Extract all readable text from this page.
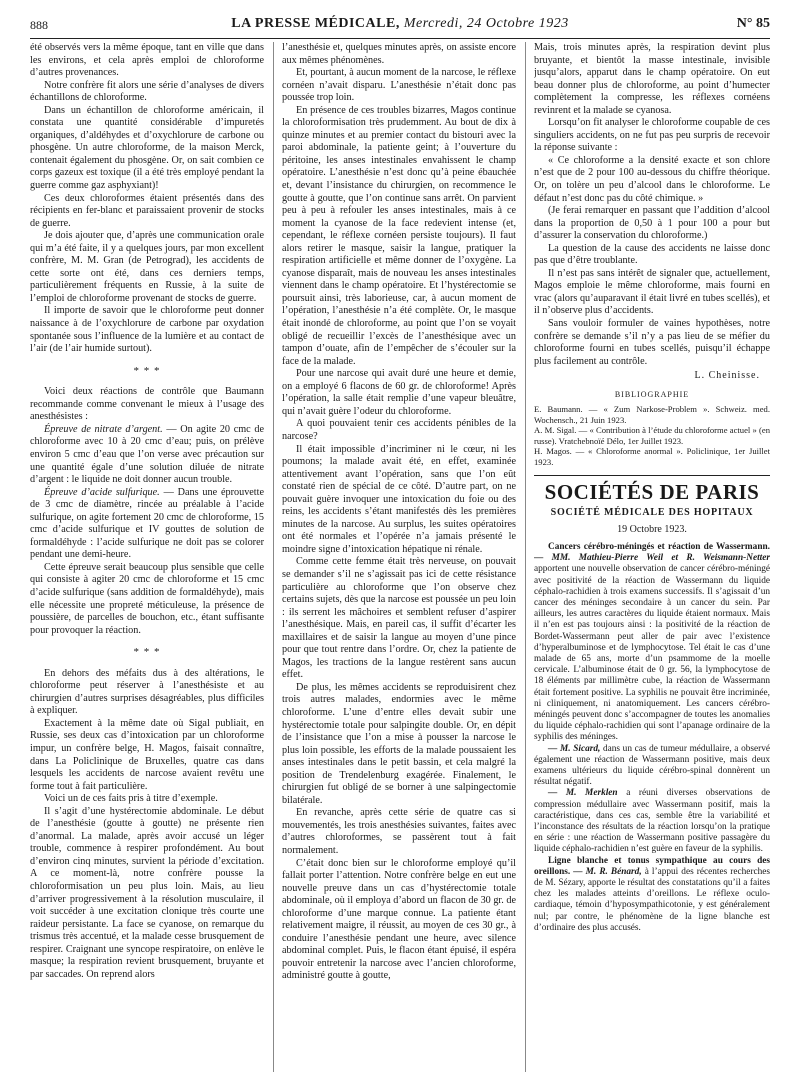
888	LA PRESSE MÉDICALE, Mercredi, 24 Octobre 1923	N° 85

été observés vers la même époque, tant en ville que dans les environs, et cela après emploi de chloroforme d’autres provenances.

Notre confrère fit alors une série d’analyses de divers échantillons de chloroforme.

Dans un échantillon de chloroforme américain, il constata une quantité considérable d’impuretés organiques, d’aldéhydes et d’oxychlorure de carbone ou phosgène. Un autre chloroforme, de la maison Merck, contenait également du phosgène. Or, on sait combien ce corps gazeux est toxique (il a été très employé pendant la guerre comme gaz asphyxiant)!

Ces deux chloroformes étaient présentés dans des récipients en fer-blanc et paraissaient provenir de stocks de guerre.

Je dois ajouter que, d’après une communication orale qui m’a été faite, il y a quelques jours, par mon excellent confrère, M. M. Gran (de Petrograd), les accidents de cette sorte ont été, dans ces derniers temps, particulièrement fréquents en Russie, à la suite de l’emploi de chloroforme provenant de stocks de guerre.

Il importe de savoir que le chloroforme peut donner naissance à de l’oxychlorure de carbone par oxydation spontanée sous l’influence de la lumière et au contact de l’air (de l’air humide surtout).

* * *

Voici deux réactions de contrôle que Baumann recommande comme convenant le mieux à l’usage des anesthésistes :

Épreuve de nitrate d’argent. — On agite 20 cmc de chloroforme avec 10 à 20 cmc d’eau; puis, on prélève environ 5 cmc d’eau que l’on verse avec précaution sur une quantité égale d’une solution diluée de nitrate d’argent : le liquide ne doit donner aucun trouble.

Épreuve d’acide sulfurique. — Dans une éprouvette de 3 cmc de diamètre, rincée au préalable à l’acide sulfurique, on agite fortement 20 cmc de chloroforme, 15 cmc d’acide sulfurique et IV gouttes de solution de formaldéhyde : l’acide sulfurique ne doit pas se colorer pendant une demi-heure.

Cette épreuve serait beaucoup plus sensible que celle qui consiste à agiter 20 cmc de chloroforme et 15 cmc d’acide sulfurique (sans addition de formaldéhyde), mais elle nécessite une propreté méticuleuse, la présence de poussière, de parcelles de bouchon, etc., étant suffisante pour provoquer la réaction.

* * *

En dehors des méfaits dus à des altérations, le chloroforme peut réserver à l’anesthésiste et au chirurgien d’autres surprises désagréables, plus difficiles à expliquer.

Exactement à la même date où Sigal publiait, en Russie, ses deux cas d’intoxication par un chloroforme impur, un confrère belge, H. Magos, faisait connaître, dans La Policlinique de Bruxelles, quatre cas dans lesquels les accidents de narcose avaient revêtu une forme tout à fait particulière.

Voici un de ces faits pris à titre d’exemple.

Il s’agit d’une hystérectomie abdominale. Le début de l’anesthésie (goutte à goutte) ne présente rien d’anormal. La malade, après avoir accusé un léger trouble, commence à respirer profondément. Au bout d’environ cinq minutes, survient la période d’excitation. A ce moment-là, notre confrère pousse la chloroformisation un peu plus loin. Mais, au lieu d’arriver progressivement à la résolution musculaire, il voit succéder à une excitation clonique très courte une raideur persistante. La face se cyanose, on remarque du trismus très accentué, et la malade cesse brusquement de respirer. Craignant une syncope respiratoire, on enlève le masque; la respiration revient brusquement, bruyante et par saccades. On reprend alors

l’anesthésie et, quelques minutes après, on assiste encore aux mêmes phénomènes.

Et, pourtant, à aucun moment de la narcose, le réflexe cornéen n’avait disparu. L’anesthésie n’était donc pas poussée trop loin.

En présence de ces troubles bizarres, Magos continue la chloroformisation très prudemment. Au bout de dix à quinze minutes et au premier contact du bistouri avec la paroi abdominale, la patiente geint; à l’ouverture du péritoine, les anses intestinales envahissent le champ opératoire. L’anesthésie n’est donc qu’à peine ébauchée et, devant l’insistance du chirurgien, on recommence le goutte à goutte, que l’on continue sans arrêt. On parvient peu à peu à refouler les anses intestinales, mais à ce moment la cyanose de la face redevient intense (et, cependant, le réflexe cornéen persiste toujours). Il faut alors retirer le masque, saisir la langue, pratiquer la respiration artificielle et même donner de l’oxygène. La cyanose disparaît, mais de nouveau les anses intestinales viennent dans le champ opératoire. Et l’hystérectomie se poursuit ainsi, très laborieuse, car, à aucun moment de l’opération, l’anesthésie n’a été complète. Or, le masque était inondé de chloroforme, au point que l’on se voyait obligé de recueillir l’excès de l’anesthésique avec un tampon d’ouate, afin de l’empêcher de s’écouler sur la face de la malade.

Pour une narcose qui avait duré une heure et demie, on a employé 6 flacons de 60 gr. de chloroforme! Après l’opération, la salle était remplie d’une vapeur bleuâtre, qui n’avait guère l’odeur du chloroforme.

A quoi pouvaient tenir ces accidents pénibles de la narcose?

Il était impossible d’incriminer ni le cœur, ni les poumons; la malade avait été, en effet, examinée attentivement avant l’opération, sans que l’on eût constaté rien de spécial de ce côté. D’autre part, on ne pouvait guère invoquer une intoxication du foie ou des reins, les accidents s’étant manifestés dès les premières minutes de la narcose. Au surplus, les suites opératoires ont été normales et l’opérée n’a jamais présenté le moindre signe d’intoxication hépatique ni rénale.

Comme cette femme était très nerveuse, on pouvait se demander s’il ne s’agissait pas ici de cette résistance particulière au chloroforme que l’on observe chez certains sujets, dès que la narcose est poussée un peu loin : ils serrent les mâchoires et semblent refuser d’aspirer l’anesthésique. Mais, en pareil cas, il suffit d’écarter les maxillaires et de saisir la langue au moyen d’une pince pour que tout rentre dans l’ordre. Or, chez la patiente de Magos, les tractions de la langue restèrent sans aucun effet.

De plus, les mêmes accidents se reproduisirent chez trois autres malades, endormies avec le même chloroforme. L’une d’entre elles devait subir une hystérectomie totale pour salpingite double. Or, en dépit de l’insistance que l’on a mise à pousser la narcose le plus loin possible, les efforts de la malade poussaient les anses intestinales dans le petit bassin, et cela malgré la position de Trendelenburg exagérée. Finalement, le chirurgien fut obligé de se borner à une salpingectomie bilatérale.

En revanche, après cette série de quatre cas si mouvementés, les trois anesthésies suivantes, faites avec d’autres chloroformes, se passèrent tout à fait normalement.

C’était donc bien sur le chloroforme employé qu’il fallait porter l’attention. Notre confrère belge en eut une nouvelle preuve dans un cas d’hystérectomie totale abdominale, où il employa d’abord un flacon de 30 gr. de chloroforme d’une marque connue. La patiente étant relativement maigre, il réussit, au moyen de ces 30 gr., à conduire l’anesthésie pendant une heure, avec silence abdominal complet. Puis, le flacon étant épuisé, il espéra pouvoir entretenir la narcose avec l’ancien chloroforme, administré goutte à goutte,

Mais, trois minutes après, la respiration devint plus bruyante, et bientôt la masse intestinale, invisible jusqu’alors, apparut dans le champ opératoire. On eut beau donner plus de chloroforme, au point d’humecter complètement la compresse, les réflexes cornéens revinrent et la malade se cyanosa.

Lorsqu’on fit analyser le chloroforme coupable de ces singuliers accidents, on ne fut pas peu surpris de recevoir la réponse suivante :

« Ce chloroforme a la densité exacte et son chlore n’est que de 2 pour 100 au-dessous du chiffre théorique. Or, on tolère un peu d’alcool dans le chloroforme. Le défaut n’est donc pas du côté chimique. »

(Je ferai remarquer en passant que l’addition d’alcool dans la proportion de 0,50 à 1 pour 100 a pour but d’assurer la conservation du chloroforme.)

La question de la cause des accidents ne laisse donc pas que d’être troublante.

Il n’est pas sans intérêt de signaler que, actuellement, Magos emploie le même chloroforme, mais fourni en vrac (alors qu’auparavant il était livré en tubes scellés), et il n’observe plus d’accidents.

Sans vouloir formuler de vaines hypothèses, notre confrère se demande s’il n’y a pas lieu de se méfier du chloroforme fourni en tubes scellés, puisqu’il échappe plus facilement au contrôle.

L. Cheinisse.
BIBLIOGRAPHIE

E. Baumann. — « Zum Narkose-Problem ». Schweiz. med. Wochensch., 21 Juin 1923.

A. M. Sigal. — « Contribution à l’étude du chloroforme actuel » (en russe). Vratchebnoïé Délo, 1er Juillet 1923.

H. Magos. — « Chloroforme anormal ». Policlinique, 1er Juillet 1923.

SOCIÉTÉS DE PARIS
SOCIÉTÉ MÉDICALE DES HOPITAUX
19 Octobre 1923.

Cancers cérébro-méningés et réaction de Wassermann. — MM. Mathieu-Pierre Weil et R. Weismann-Netter apportent une nouvelle observation de cancer cérébro-méningé avec positivité de la réaction de Wassermann du liquide céphalo-rachidien à trois examens successifs. Il s’agissait d’un cancer des méninges secondaire à un cancer du sein. Par ailleurs, les autres caractères du liquide étaient normaux. Mais il n’en est pas toujours ainsi : la positivité de la réaction de Bordet-Wassermann peut aller de pair avec l’existence d’hyperalbuminose et de lymphocytose. Tel était le cas d’une malade de 65 ans, morte d’un psammome de la moelle cervicale. L’albuminose était de 0 gr. 56, la lymphocytose de 18 éléments par millimètre cube, la réaction de Wassermann était fortement positive. La syphilis ne pouvait être incriminée, ni cliniquement, ni anatomiquement. Les cancers cérébro-méningés peuvent donc s’accompagner de toutes les anomalies du liquide céphalo-rachidien qui sont l’apanage ordinaire de la syphilis des méninges.

— M. Sicard, dans un cas de tumeur médullaire, a observé également une réaction de Wassermann positive, mais deux examens ultérieurs du liquide cérébro-spinal donnèrent un résultat négatif.

— M. Merklen a réuni diverses observations de compression médullaire avec Wassermann positif, mais la caractéristique, dans ces cas, semble être la variabilité et l’inconstance des résultats de la réaction lorsqu’on la pratique en série : une réaction de Wassermann positive passagère du liquide céphalo-rachidien n’est guère en faveur de la syphilis.

Ligne blanche et tonus sympathique au cours des oreillons. — M. R. Bénard, à l’appui des récentes recherches de M. Sézary, apporte le résultat des constatations qu’il a faites chez les malades atteints d’oreillons. Le réflexe oculo-cardiaque, témoin d’hyposympathicotonie, y est généralement nul; par contre, le phénomène de la ligne blanche est d’ordinaire des plus accusés.
